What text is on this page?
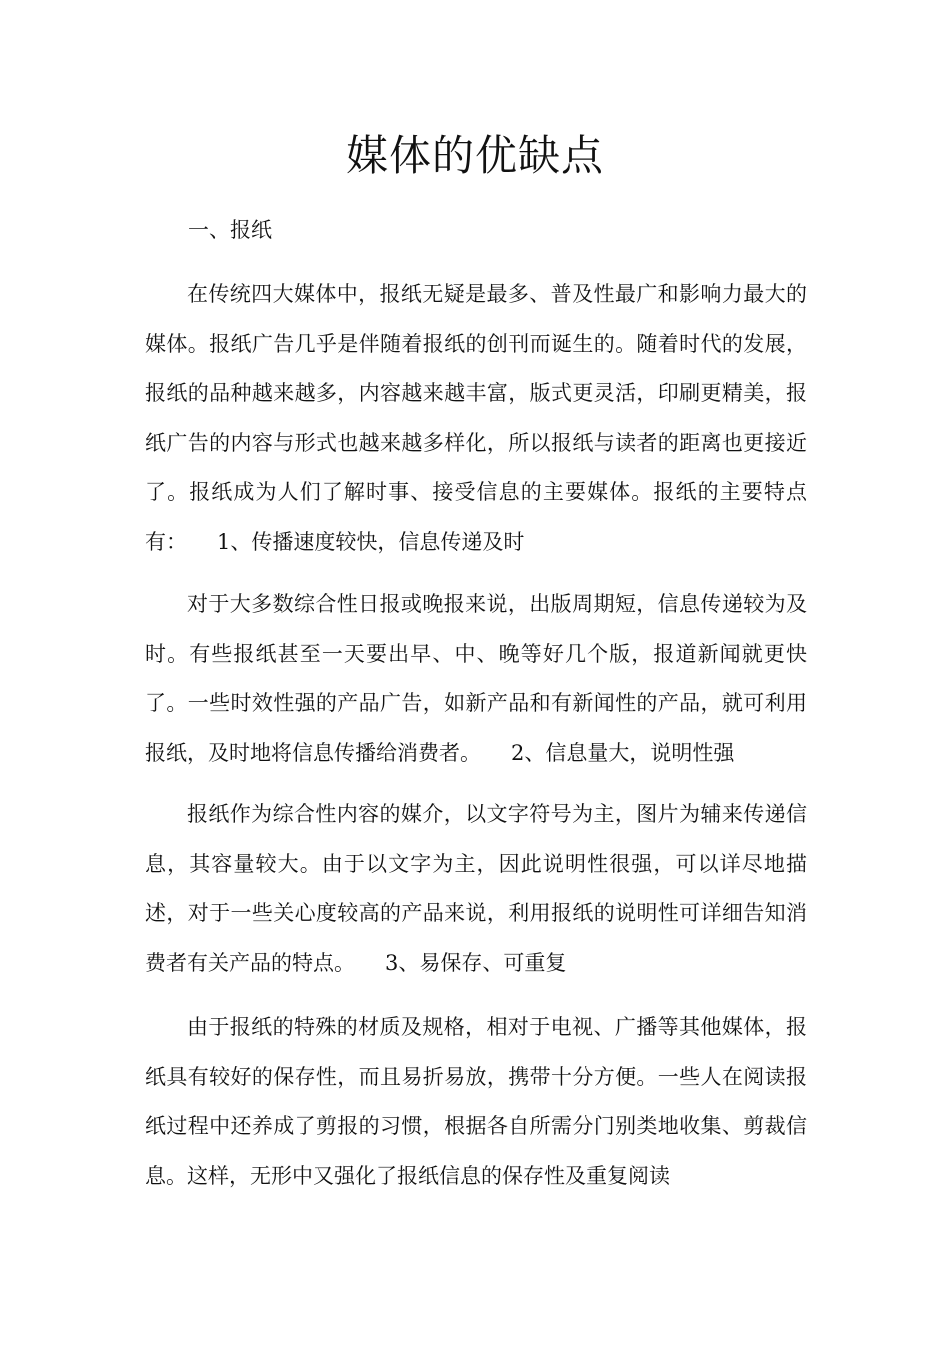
媒体的优缺点
一、报纸

在传统四大媒体中，报纸无疑是最多、普及性最广和影响力最大的媒体。报纸广告几乎是伴随着报纸的创刊而诞生的。随着时代的发展，报纸的品种越来越多，内容越来越丰富，版式更灵活，印刷更精美，报纸广告的内容与形式也越来越多样化，所以报纸与读者的距离也更接近了。报纸成为人们了解时事、接受信息的主要媒体。报纸的主要特点有： 1、传播速度较快，信息传递及时

对于大多数综合性日报或晚报来说，出版周期短，信息传递较为及时。有些报纸甚至一天要出早、中、晚等好几个版，报道新闻就更快了。一些时效性强的产品广告，如新产品和有新闻性的产品，就可利用报纸，及时地将信息传播给消费者。 2、信息量大，说明性强

报纸作为综合性内容的媒介，以文字符号为主，图片为辅来传递信息，其容量较大。由于以文字为主，因此说明性很强，可以详尽地描述，对于一些关心度较高的产品来说，利用报纸的说明性可详细告知消费者有关产品的特点。 3、易保存、可重复

由于报纸的特殊的材质及规格，相对于电视、广播等其他媒体，报纸具有较好的保存性，而且易折易放，携带十分方便。一些人在阅读报纸过程中还养成了剪报的习惯，根据各自所需分门别类地收集、剪裁信息。这样，无形中又强化了报纸信息的保存性及重复阅读
